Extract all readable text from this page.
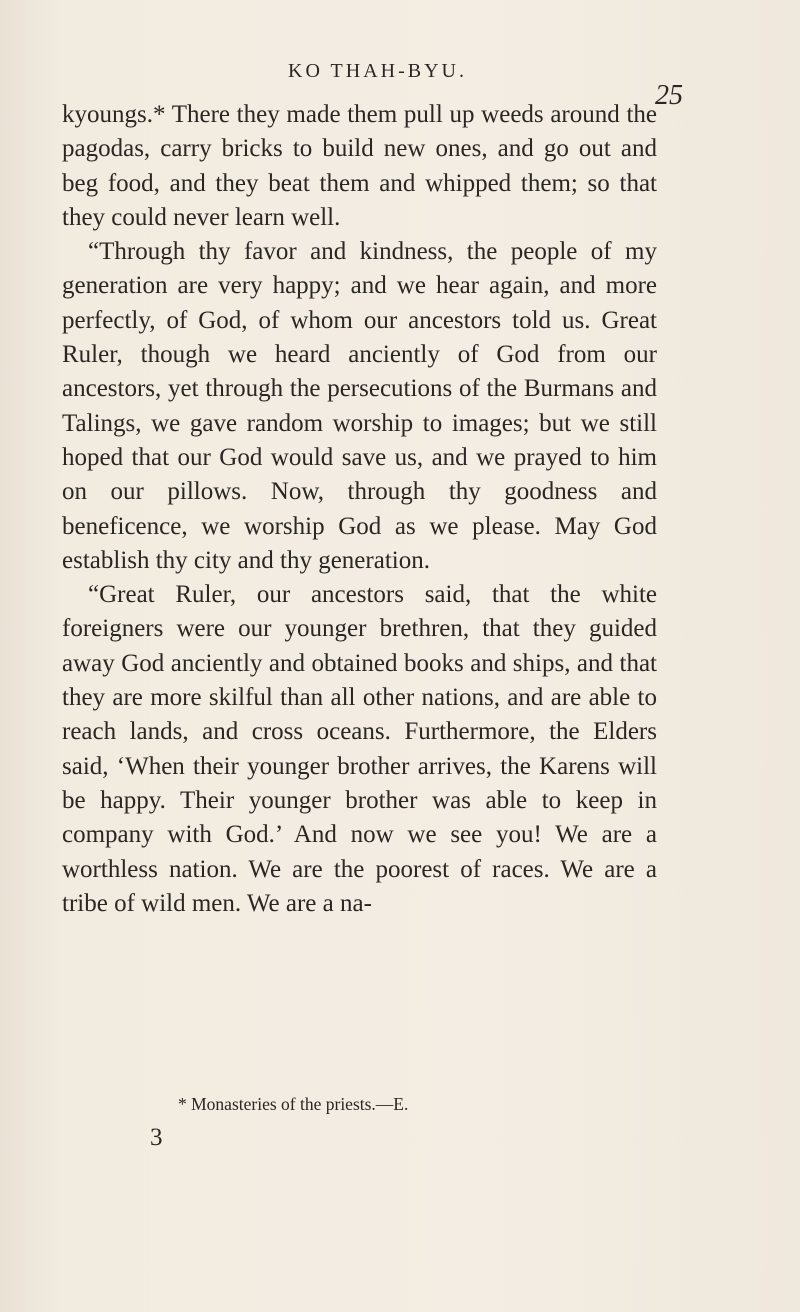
KO THAH-BYU.
25

kyoungs.* There they made them pull up weeds around the pagodas, carry bricks to build new ones, and go out and beg food, and they beat them and whipped them; so that they could never learn well.

“Through thy favor and kindness, the people of my generation are very happy; and we hear again, and more perfectly, of God, of whom our ancestors told us. Great Ruler, though we heard anciently of God from our ancestors, yet through the persecutions of the Burmans and Talings, we gave random worship to images; but we still hoped that our God would save us, and we prayed to him on our pillows. Now, through thy goodness and beneficence, we worship God as we please. May God establish thy city and thy generation.

“Great Ruler, our ancestors said, that the white foreigners were our younger brethren, that they guided away God anciently and obtained books and ships, and that they are more skilful than all other nations, and are able to reach lands, and cross oceans. Furthermore, the Elders said, ‘When their younger brother arrives, the Karens will be happy. Their younger brother was able to keep in company with God.’ And now we see you! We are a worthless nation. We are the poorest of races. We are a tribe of wild men. We are a na-

* Monasteries of the priests.—E.
3
